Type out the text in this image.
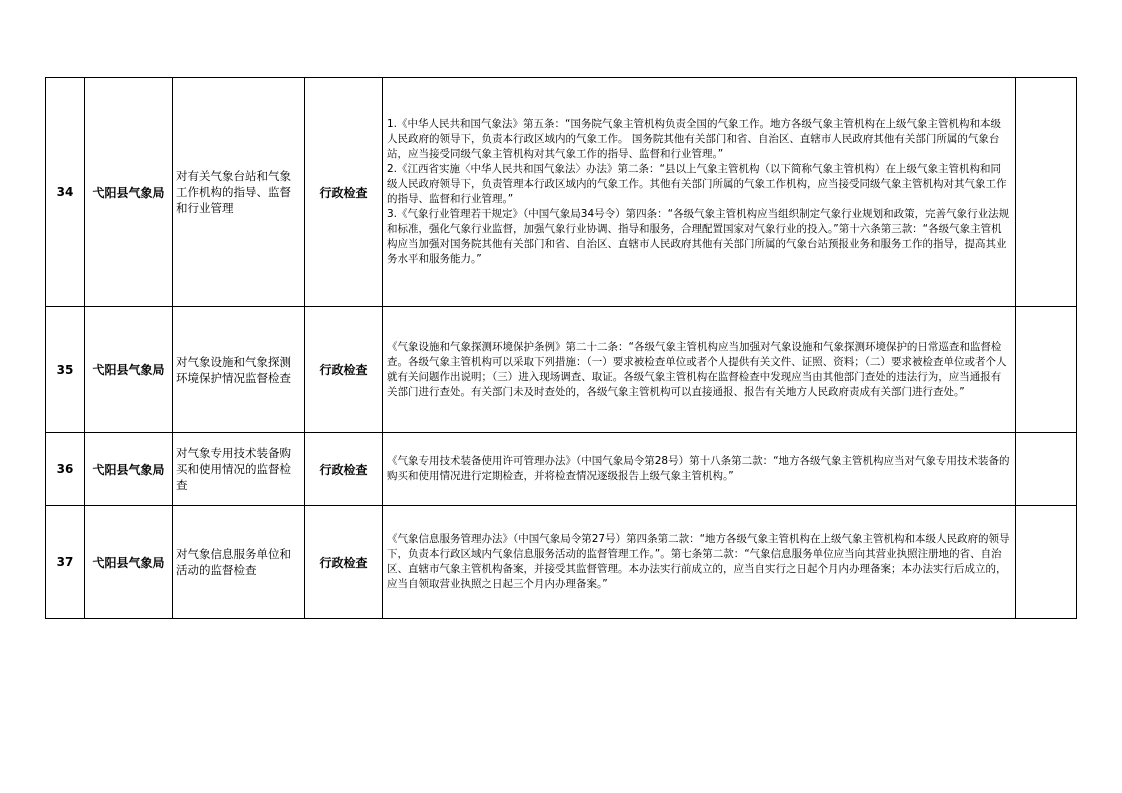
34	弋阳县气象局	对有关气象台站和气象工作机构的指导、监督和行业管理	行政检查	1.《中华人民共和国气象法》第五条：“国务院气象主管机构负责全国的气象工作。地方各级气象主管机构在上级气象主管机构和本级人民政府的领导下，负责本行政区域内的气象工作。 国务院其他有关部门和省、自治区、直辖市人民政府其他有关部门所属的气象台站，应当接受同级气象主管机构对其气象工作的指导、监督和行业管理。”

2.《江西省实施〈中华人民共和国气象法〉办法》第二条：“县以上气象主管机构（以下简称气象主管机构）在上级气象主管机构和同级人民政府领导下，负责管理本行政区域内的气象工作。其他有关部门所属的气象工作机构，应当接受同级气象主管机构对其气象工作的指导、监督和行业管理。”

3.《气象行业管理若干规定》（中国气象局34号令）第四条：“各级气象主管机构应当组织制定气象行业规划和政策，完善气象行业法规和标准，强化气象行业监督，加强气象行业协调、指导和服务，合理配置国家对气象行业的投入。”第十六条第三款：“各级气象主管机构应当加强对国务院其他有关部门和省、自治区、直辖市人民政府其他有关部门所属的气象台站预报业务和服务工作的指导，提高其业务水平和服务能力。”	

35	弋阳县气象局	对气象设施和气象探测环境保护情况监督检查	行政检查	《气象设施和气象探测环境保护条例》第二十二条：“各级气象主管机构应当加强对气象设施和气象探测环境保护的日常巡查和监督检查。各级气象主管机构可以采取下列措施：（一）要求被检查单位或者个人提供有关文件、证照、资料；（二）要求被检查单位或者个人就有关问题作出说明；（三）进入现场调查、取证。各级气象主管机构在监督检查中发现应当由其他部门查处的违法行为，应当通报有关部门进行查处。有关部门未及时查处的，各级气象主管机构可以直接通报、报告有关地方人民政府责成有关部门进行查处。”	

36	弋阳县气象局	对气象专用技术装备购买和使用情况的监督检查	行政检查	《气象专用技术装备使用许可管理办法》（中国气象局令第28号）第十八条第二款：“地方各级气象主管机构应当对气象专用技术装备的购买和使用情况进行定期检查，并将检查情况逐级报告上级气象主管机构。”	

37	弋阳县气象局	对气象信息服务单位和活动的监督检查	行政检查	《气象信息服务管理办法》（中国气象局令第27号）第四条第二款：“地方各级气象主管机构在上级气象主管机构和本级人民政府的领导下，负责本行政区域内气象信息服务活动的监督管理工作。”。第七条第二款：“气象信息服务单位应当向其营业执照注册地的省、自治区、直辖市气象主管机构备案，并接受其监督管理。本办法实行前成立的，应当自实行之日起个月内办理备案；本办法实行后成立的，应当自领取营业执照之日起三个月内办理备案。”	
